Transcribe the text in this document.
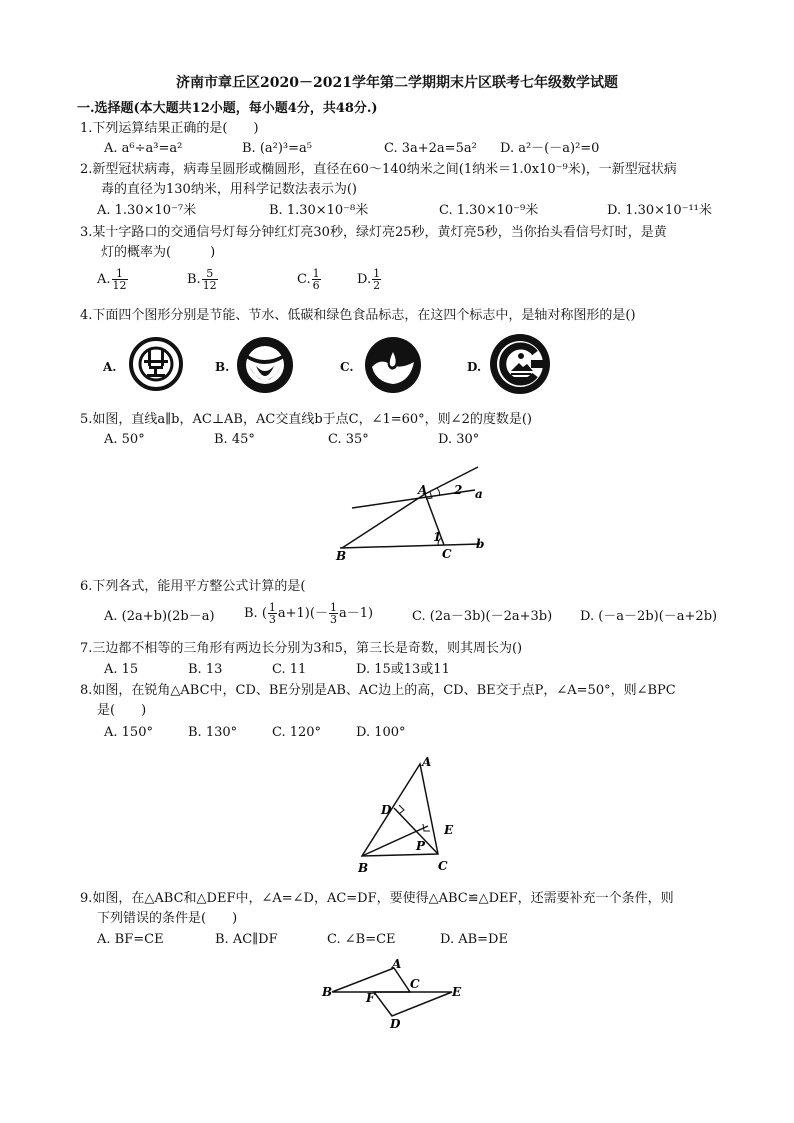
济南市章丘区2020－2021学年第二学期期末片区联考七年级数学试题
一.选择题(本大题共12小题，每小题4分，共48分.)
1.下列运算结果正确的是(　　)
A. a⁶÷a³=a²	B. (a²)³=a⁵	C. 3a+2a=5a² D. a²－(－a)²=0
2.新型冠状病毒，病毒呈圆形或椭圆形，直径在60～140纳米之间(1纳米＝1.0x10⁻⁹米)，一新型冠状病
毒的直径为130纳米，用科学记数法表示为()
A. 1.30×10⁻⁷米	B. 1.30×10⁻⁸米	C. 1.30×10⁻⁹米	D. 1.30×10⁻¹¹米
3.某十字路口的交通信号灯每分钟红灯亮30秒，绿灯亮25秒，黄灯亮5秒，当你抬头看信号灯时，是黄
灯的概率为(　　　)
A. $\frac{1}{12}$	B. $\frac{5}{12}$	C. $\frac{1}{6}$	D. $\frac{1}{2}$
4.下面四个图形分别是节能、节水、低碳和绿色食品标志，在这四个标志中，是轴对称图形的是()
A.	B.	C.	D.
5.如图，直线a∥b，AC⊥AB，AC交直线b于点C，∠1=60°，则∠2的度数是()
A. 50°	B. 45°	C. 35°	D. 30°
A
B	C
a
b
1
2
6.下列各式，能用平方整公式计算的是(
A. (2a+b)(2b－a) B. ( $\frac{1}{3} a+1)(- \frac{1}{3} a-1)$	C. (2a－3b)(－2a+3b) D. (－a－2b)(－a+2b)
7.三边都不相等的三角形有两边长分别为3和5，第三长是奇数，则其周长为()
A. 15	B. 13	C. 11	D. 15或13或11
8.如图，在锐角△ABC中，CD、BE分别是AB、AC边上的高，CD、BE交于点P，∠A=50°，则∠BPC
是(　　)
A. 150°	B. 130°	C. 120°	D. 100°
A
B	C
D
E
P
9.如图，在△ABC和△DEF中，∠A=∠D，AC=DF，要使得△ABC≌△DEF，还需要补充一个条件，则
下列错误的条件是(　　)
A. BF=CE	B. AC∥DF	C. ∠B=CE	D. AB=DE
A
B
C
D
E
F
